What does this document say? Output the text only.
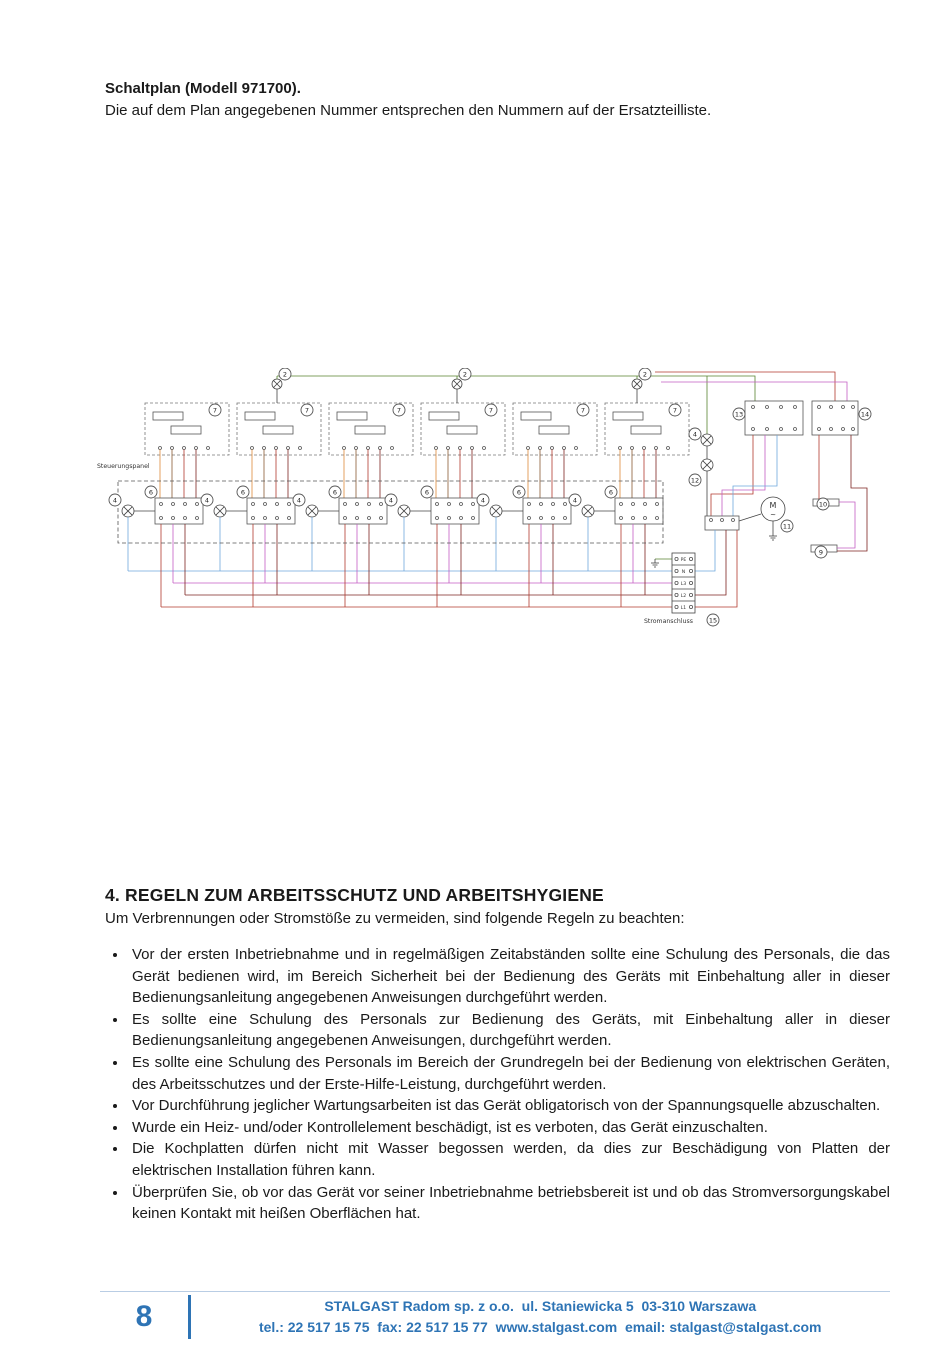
Schaltplan (Modell 971700).
Die auf dem Plan angegebenen Nummer entsprechen den Nummern auf der Ersatzteilliste.
Steuerungspanel
M
~
PE
N
L3
L2
L1
Stromanschluss
2	2	2
7	7	7	7	7	7
6	6	6	6	6	6
4	4	4	4	4	4
13	14
4
12
11
10
9
15
4. REGELN ZUM ARBEITSSCHUTZ UND ARBEITSHYGIENE

Um Verbrennungen oder Stromstöße zu vermeiden, sind folgende Regeln zu beachten:

• Vor der ersten Inbetriebnahme und in regelmäßigen Zeitabständen sollte eine Schulung des Personals, die das Gerät bedienen wird, im Bereich Sicherheit bei der Bedienung des Geräts mit Einbehaltung aller in dieser Bedienungsanleitung angegebenen Anweisungen durchgeführt werden.
• Es sollte eine Schulung des Personals zur Bedienung des Geräts, mit Einbehaltung aller in dieser Bedienungsanleitung angegebenen Anweisungen, durchgeführt werden.
• Es sollte eine Schulung des Personals im Bereich der Grundregeln bei der Bedienung von elektrischen Geräten, des Arbeitsschutzes und der Erste-Hilfe-Leistung, durchgeführt werden.
• Vor Durchführung jeglicher Wartungsarbeiten ist das Gerät obligatorisch von der Spannungsquelle abzuschalten.
• Wurde ein Heiz- und/oder Kontrollelement beschädigt, ist es verboten, das Gerät einzuschalten.
• Die Kochplatten dürfen nicht mit Wasser begossen werden, da dies zur Beschädigung von Platten der elektrischen Installation führen kann.
• Überprüfen Sie, ob vor das Gerät vor seiner Inbetriebnahme betriebsbereit ist und ob das Stromversorgungskabel keinen Kontakt mit heißen Oberflächen hat.
8	STALGAST Radom sp. z o.o.  ul. Staniewicka 5  03-310 Warszawa
tel.: 22 517 15 75  fax: 22 517 15 77  www.stalgast.com  email: stalgast@stalgast.com
